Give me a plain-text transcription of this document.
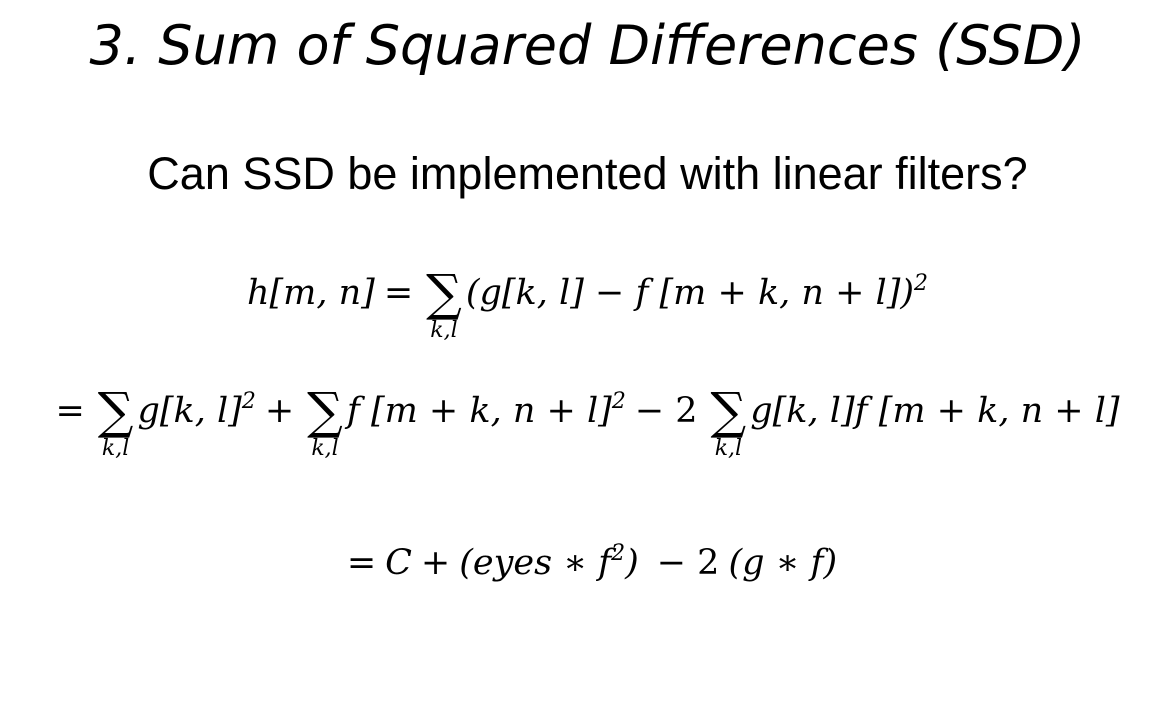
3. Sum of Squared Differences (SSD)
Can SSD be implemented with linear filters?
h[m, n] = ∑
k,l
(g[k, l] − f [m + k, n + l])$^2$
= ∑
k,l
g[k, l]$^2$ + ∑
k,l
f [m + k, n + l]$^2$ − 2 ∑
k,l
g[k, l]f [m + k, n + l]
= C + (eyes ∗ $f^2) - 2$ (g ∗ f)
